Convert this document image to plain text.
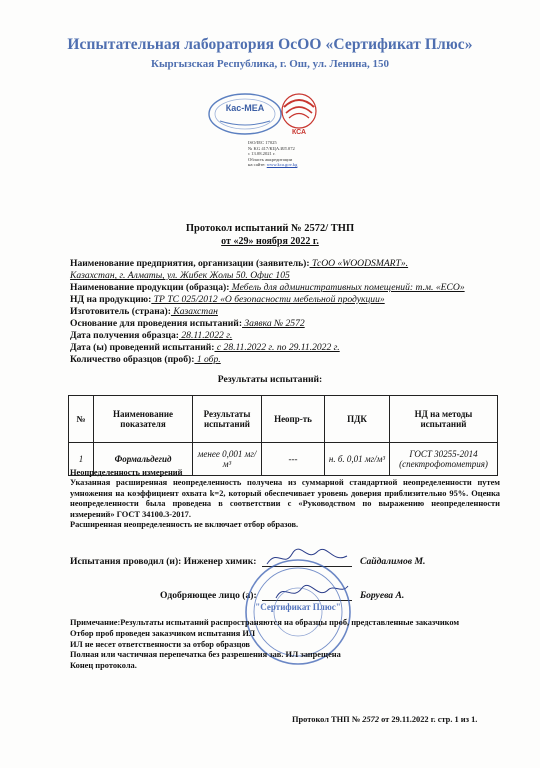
Испытательная лаборатория ОсОО «Сертификат Плюс»
Кыргызская Республика, г. Ош, ул. Ленина, 150
Кас-МЕА
КСА
ISO/IEC 17025
№ KG 417/КЦА.ИЛ.072
с 13.08.2021 г.
Область аккредитации
на сайте: www.kca.gov.kg
Протокол испытаний № 2572/ ТНП
от «29» ноября 2022 г.
Наименование предприятия, организации (заявитель): ТсОО «WOODSMART».
Казахстан, г. Алматы, ул. Жибек Жолы 50. Офис 105
Наименование продукции (образца): Мебель для административных помещений: т.м. «ECO»
НД на продукцию: ТР ТС 025/2012 «О безопасности мебельной продукции»
Изготовитель (страна): Казахстан
Основание для проведения испытаний: Заявка № 2572
Дата получения образца: 28.11.2022 г.
Дата (ы) проведений испытаний: с 28.11.2022 г. по 29.11.2022 г.
Количество образцов (проб): 1 обр.
Результаты испытаний:
№	Наименование показателя	Результаты испытаний	Неопр-ть	ПДК	НД на методы испытаний
1	Формальдегид	менее 0,001 мг/м³	---	н. б. 0,01 мг/м³	ГОСТ 30255-2014 (спектрофотометрия)
Неопределенность измерений
Указанная расширенная неопределенность получена из суммарной стандартной неопределенности путем умножения на коэффициент охвата k=2, который обеспечивает уровень доверия приблизительно 95%. Оценка неопределенности была проведена в соответствии с «Руководством по выражению неопределенности измерений» ГОСТ 34100.3-2017.
Расширенная неопределенность не включает отбор образов.
Испытания проводил (и): Инженер химик:	Сайдалимов М.
Одобряющее лицо (а):	Боруева А.
"Сертификат Плюс"
Примечание:Результаты испытаний распространяются на образцы проб, представленные заказчиком
Отбор проб проведен заказчиком испытания ИЛ
ИЛ не несет ответственности за отбор образцов
Полная или частичная перепечатка без разрешения зав. ИЛ запрещена
Конец протокола.
Протокол ТНП № 2572 от 29.11.2022 г. стр. 1 из 1.
